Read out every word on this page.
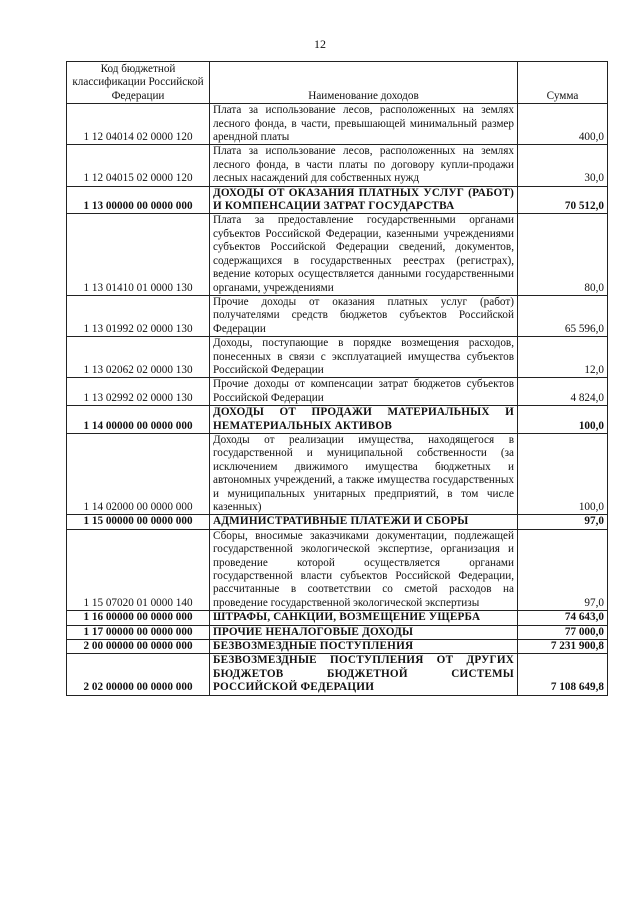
12
Код бюджетной классификации Российской Федерации	Наименование доходов	Сумма
1 12 04014 02 0000 120	Плата за использование лесов, расположенных на землях лесного фонда, в части, превышающей минимальный размер арендной платы	400,0
1 12 04015 02 0000 120	Плата за использование лесов, расположенных на землях лесного фонда, в части платы по договору купли-продажи лесных насаждений для собственных нужд	30,0
1 13 00000 00 0000 000	ДОХОДЫ ОТ ОКАЗАНИЯ ПЛАТНЫХ УСЛУГ (РАБОТ) И КОМПЕНСАЦИИ ЗАТРАТ ГОСУДАРСТВА	70 512,0
1 13 01410 01 0000 130	Плата за предоставление государственными органами субъектов Российской Федерации, казенными учреждениями субъектов Российской Федерации сведений, документов, содержащихся в государственных реестрах (регистрах), ведение которых осуществляется данными государственными органами, учреждениями	80,0
1 13 01992 02 0000 130	Прочие доходы от оказания платных услуг (работ) получателями средств бюджетов субъектов Российской Федерации	65 596,0
1 13 02062 02 0000 130	Доходы, поступающие в порядке возмещения расходов, понесенных в связи с эксплуатацией имущества субъектов Российской Федерации	12,0
1 13 02992 02 0000 130	Прочие доходы от компенсации затрат бюджетов субъектов Российской Федерации	4 824,0
1 14 00000 00 0000 000	ДОХОДЫ ОТ ПРОДАЖИ МАТЕРИАЛЬНЫХ И НЕМАТЕРИАЛЬНЫХ АКТИВОВ	100,0
1 14 02000 00 0000 000	Доходы от реализации имущества, находящегося в государственной и муниципальной собственности (за исключением движимого имущества бюджетных и автономных учреждений, а также имущества государственных и муниципальных унитарных предприятий, в том числе казенных)	100,0
1 15 00000 00 0000 000	АДМИНИСТРАТИВНЫЕ ПЛАТЕЖИ И СБОРЫ	97,0
1 15 07020 01 0000 140	Сборы, вносимые заказчиками документации, подлежащей государственной экологической экспертизе, организация и проведение которой осуществляется органами государственной власти субъектов Российской Федерации, рассчитанные в соответствии со сметой расходов на проведение государственной экологической экспертизы	97,0
1 16 00000 00 0000 000	ШТРАФЫ, САНКЦИИ, ВОЗМЕЩЕНИЕ УЩЕРБА	74 643,0
1 17 00000 00 0000 000	ПРОЧИЕ НЕНАЛОГОВЫЕ ДОХОДЫ	77 000,0
2 00 00000 00 0000 000	БЕЗВОЗМЕЗДНЫЕ ПОСТУПЛЕНИЯ	7 231 900,8
2 02 00000 00 0000 000	БЕЗВОЗМЕЗДНЫЕ ПОСТУПЛЕНИЯ ОТ ДРУГИХ БЮДЖЕТОВ БЮДЖЕТНОЙ СИСТЕМЫ РОССИЙСКОЙ ФЕДЕРАЦИИ	7 108 649,8
